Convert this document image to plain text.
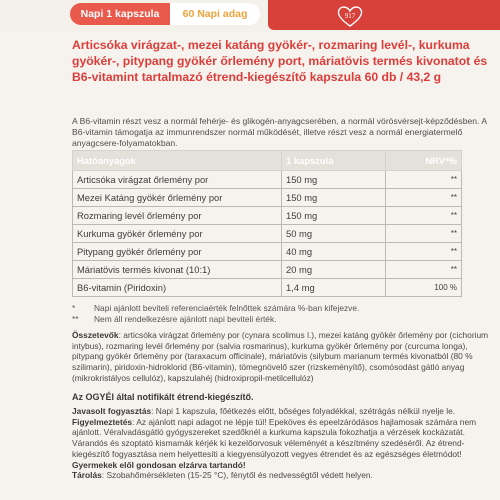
Napi 1 kapszula	60 Napi adag	917
Articsóka virágzat-, mezei katáng gyökér-, rozmaring levél-, kurkuma gyökér-, pitypang gyökér őrlemény port, máriatövis termés kivonatot és B6-vitamint tartalmazó étrend-kiegészítő kapszula 60 db / 43,2 g
A B6-vitamin részt vesz a normál fehérje- és glikogén-anyagcserében, a normál vörösvérsejt-képződésben. A B6-vitamin támogatja az immunrendszer normál működését, illetve részt vesz a normál energiatermelő anyagcsere-folyamatokban.
Hatóanyagok	1 kapszula	NRV*%
Articsóka virágzat őrlemény por	150 mg	**
Mezei Katáng gyökér őrlemény por	150 mg	**
Rozmaring levél őrlemény por	150 mg	**
Kurkuma gyökér őrlemény por	50 mg	**
Pitypang gyökér őrlemény por	40 mg	**
Máriatövis termés kivonat (10:1)	20 mg	**
B6-vitamin (Piridoxin)	1,4 mg	100 %
* Napi ajánlott beviteli referenciaérték felnőttek számára %-ban kifejezve.
** Nem áll rendelkezésre ajánlott napi beviteli érték.
Összetevők: articsóka virágzat őrlemény por (cynara scolimus l.), mezei katáng gyökér őrlemény por (cichorium intybus), rozmaring levél őrlemény por (salvia rosmarinus), kurkuma gyökér őrlemény por (curcuma longa), pitypang gyökér őrlemény por (taraxacum officinale), máriatövis (silybum marianum termés kivonatból (80 % szilimarin), piridoxin-hidroklorid (B6-vitamin), tömegnövelő szer (rizskeményítő), csomósodást gátló anyag (mikrokristályos cellulóz), kapszulahéj (hidroxipropil-metilcellulóz)
Az OGYÉI által notifikált étrend-kiegészítő.
Javasolt fogyasztás: Napi 1 kapszula, főétkezés előtt, bőséges folyadékkal, szétrágás nélkül nyelje le.
Figyelmeztetés: Az ajánlott napi adagot ne lépje túl! Epeköves és epeelzáródásos hajlamosak számára nem ajánlott. Véralvadásgátló gyógyszereket szedőknél a kurkuma kapszula fokozhatja a vérzések kockázatát. Várandós és szoptató kismamák kérjék ki kezelőorvosuk véleményét a készítmény szedéséről. Az étrend-kiegészítő fogyasztása nem helyettesíti a kiegyensúlyozott vegyes étrendet és az egészséges életmódot! Gyermekek elől gondosan elzárva tartandó!
Tárolás: Szobahőmérsékleten (15-25 °C), fénytől és nedvességtől védett helyen.
